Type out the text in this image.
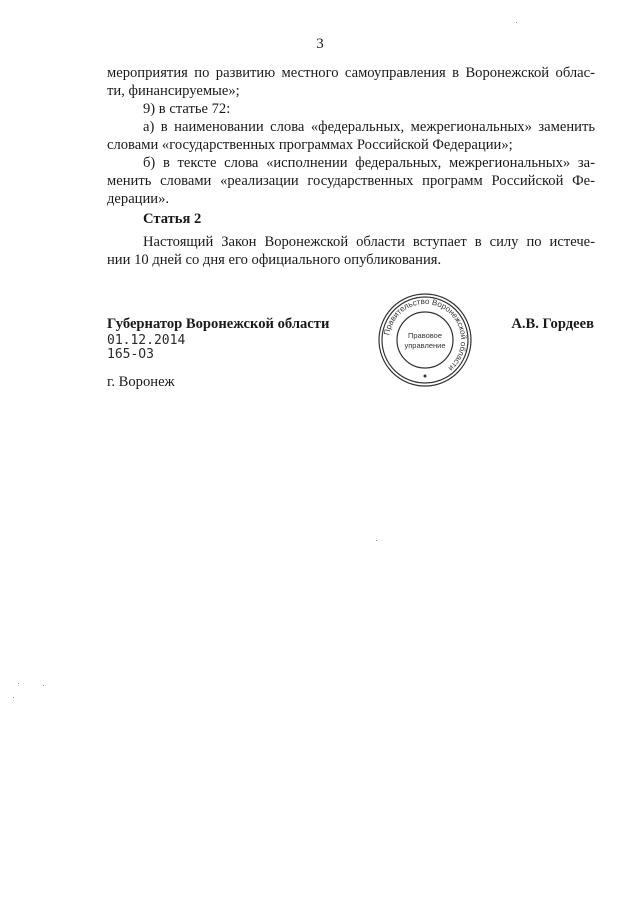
3
мероприятия по развитию местного самоуправления в Воронежской облас-
ти, финансируемые»;
9) в статье 72:
а) в наименовании слова «федеральных, межрегиональных» заменить
словами «государственных программах Российской Федерации»;
б) в тексте слова «исполнении федеральных, межрегиональных» за-
менить словами «реализации государственных программ Российской Фе-
дерации».
Статья 2
Настоящий Закон Воронежской области вступает в силу по истече-
нии 10 дней со дня его официального опубликования.
Губернатор Воронежской области	А.В. Гордеев
01.12.2014
165-ОЗ
г. Воронеж
Правительство Воронежской области
Правовое
управление
